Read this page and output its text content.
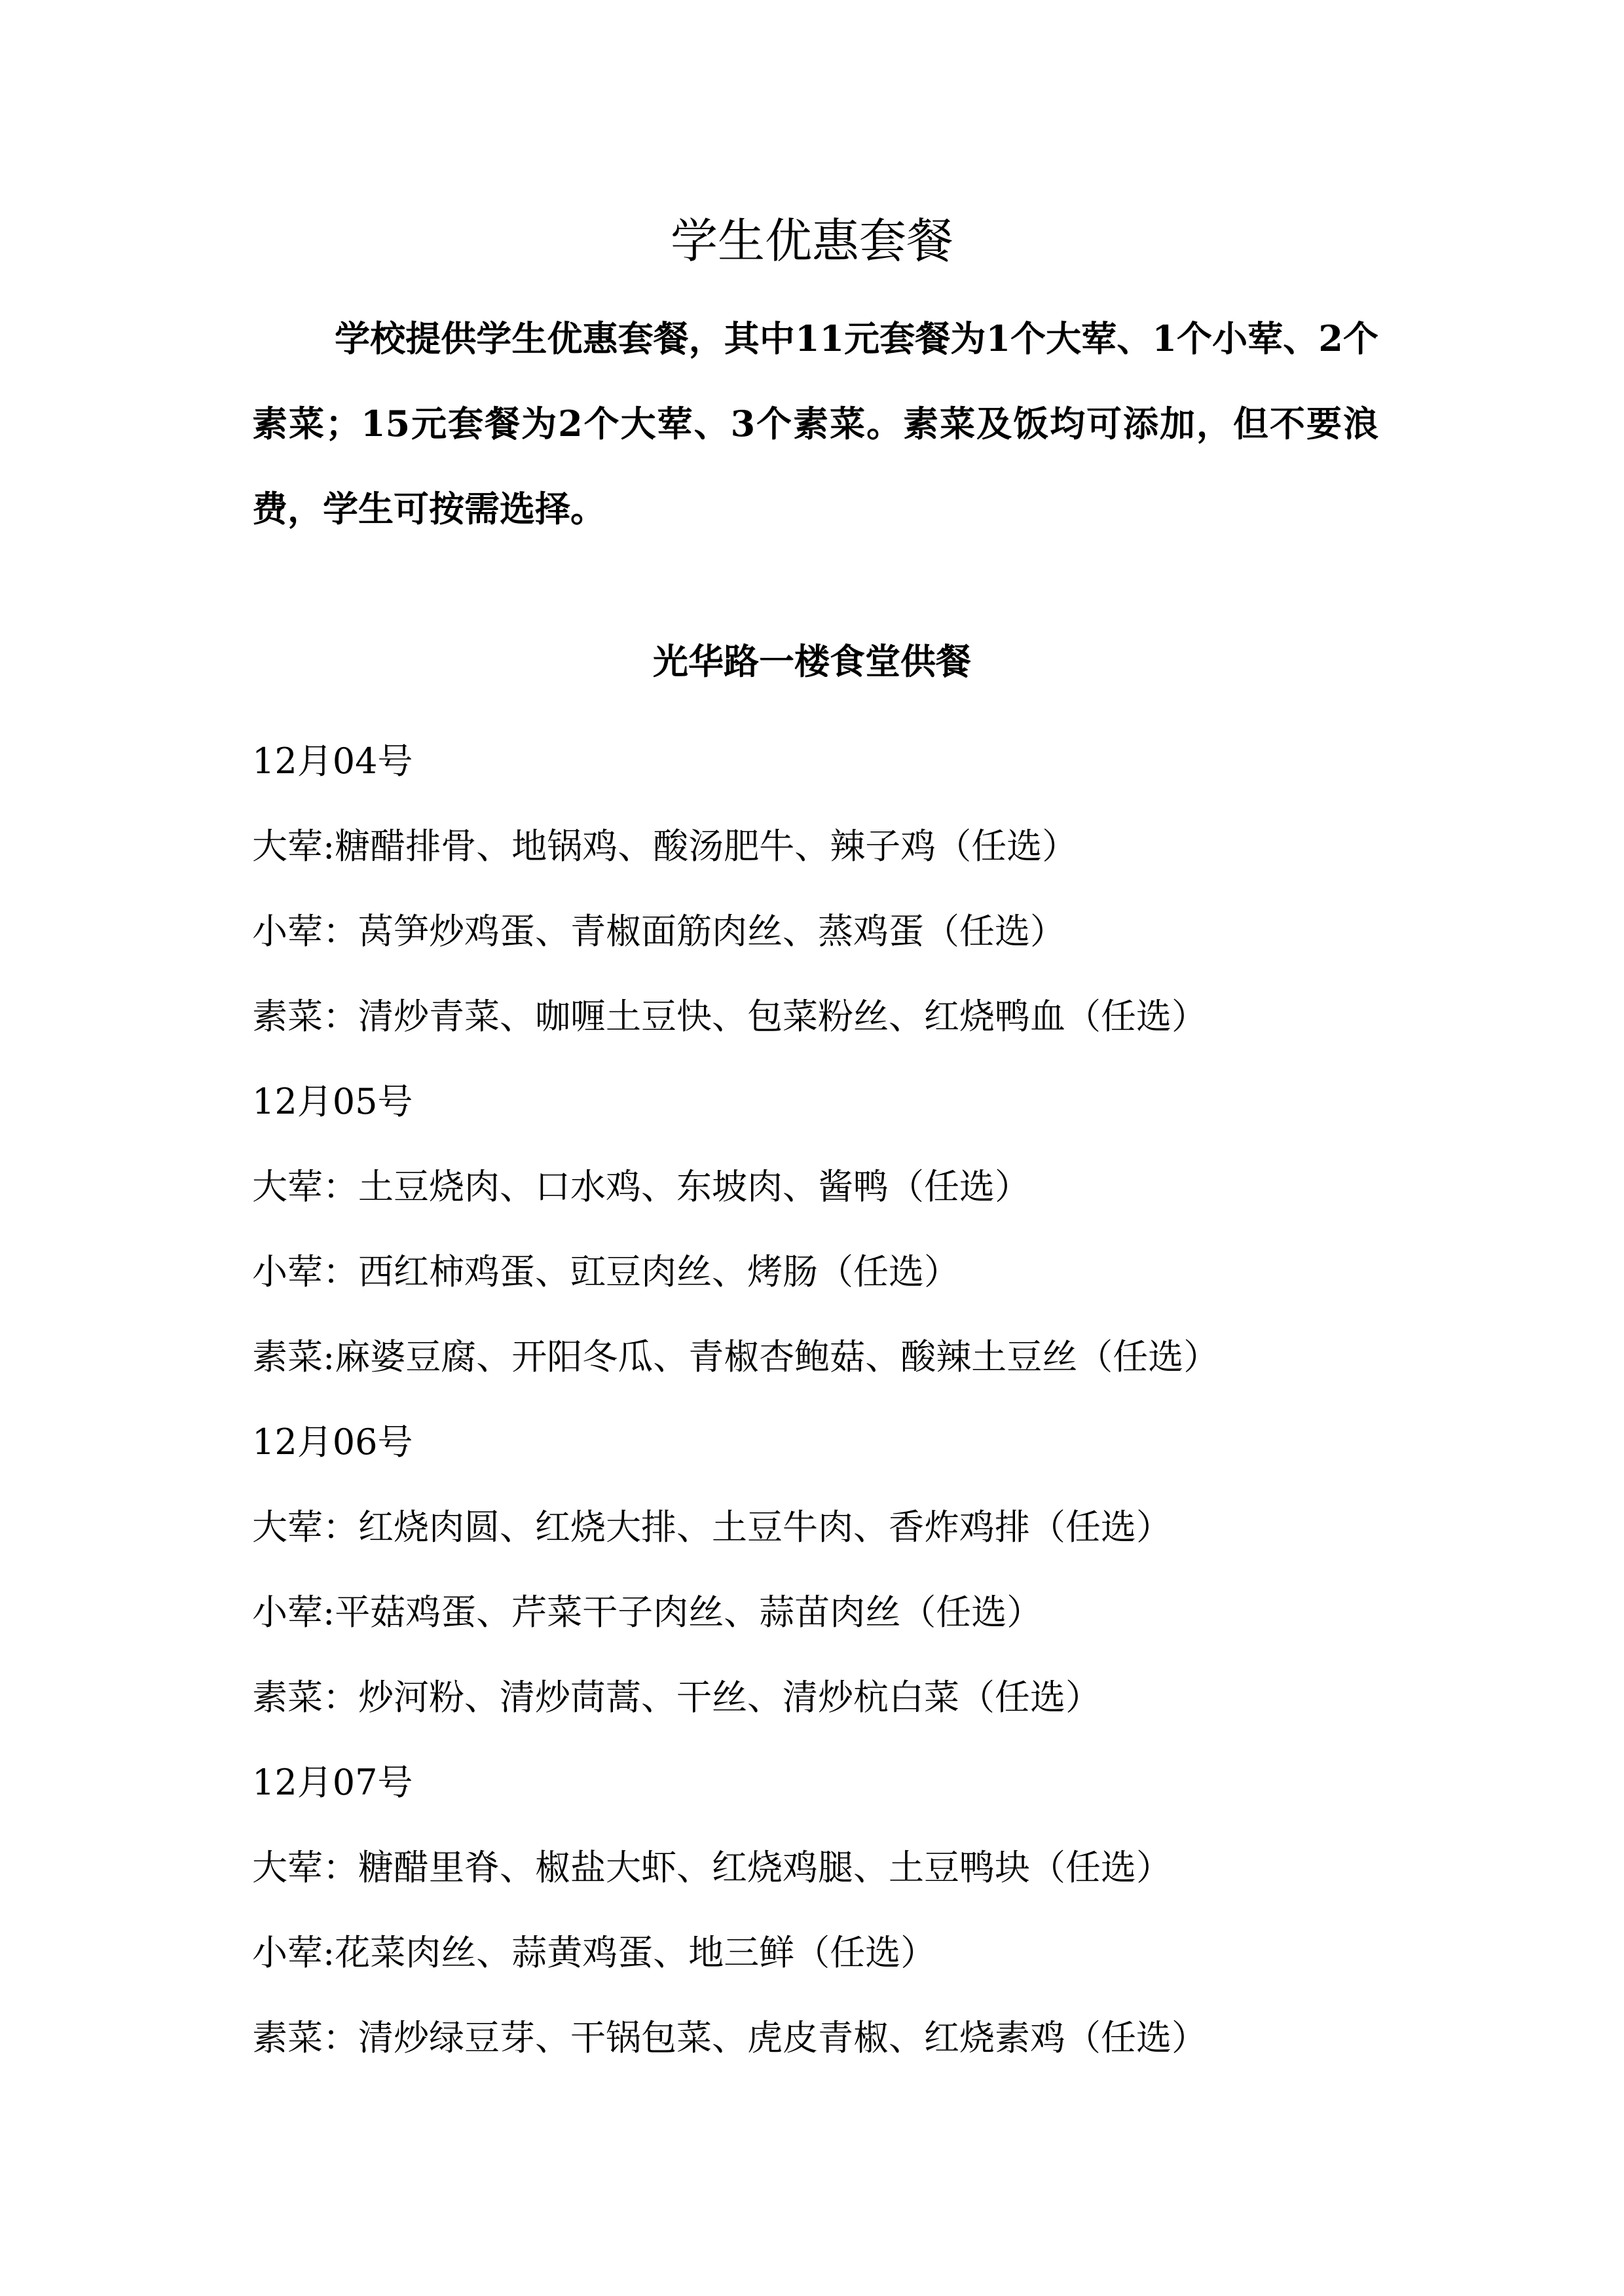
学生优惠套餐
学校提供学生优惠套餐，其中11元套餐为1个大荤、1个小荤、2个素菜；15元套餐为2个大荤、3个素菜。素菜及饭均可添加，但不要浪费，学生可按需选择。
光华路一楼食堂供餐
12月04号
大荤:糖醋排骨、地锅鸡、酸汤肥牛、辣子鸡（任选）
小荤：莴笋炒鸡蛋、青椒面筋肉丝、蒸鸡蛋（任选）
素菜：清炒青菜、咖喱土豆快、包菜粉丝、红烧鸭血（任选）
12月05号
大荤：土豆烧肉、口水鸡、东坡肉、酱鸭（任选）
小荤：西红柿鸡蛋、豇豆肉丝、烤肠（任选）
素菜:麻婆豆腐、开阳冬瓜、青椒杏鲍菇、酸辣土豆丝（任选）
12月06号
大荤：红烧肉圆、红烧大排、土豆牛肉、香炸鸡排（任选）
小荤:平菇鸡蛋、芹菜干子肉丝、蒜苗肉丝（任选）
素菜：炒河粉、清炒茼蒿、干丝、清炒杭白菜（任选）
12月07号
大荤：糖醋里脊、椒盐大虾、红烧鸡腿、土豆鸭块（任选）
小荤:花菜肉丝、蒜黄鸡蛋、地三鲜（任选）
素菜：清炒绿豆芽、干锅包菜、虎皮青椒、红烧素鸡（任选）
